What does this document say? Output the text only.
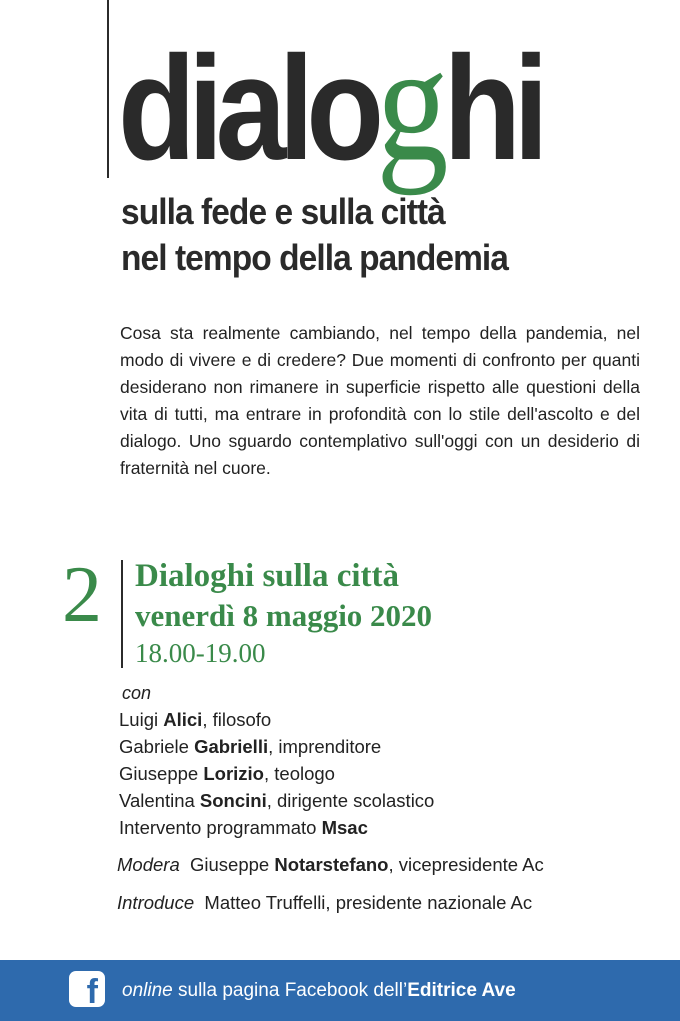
dialoghi
sulla fede e sulla città
nel tempo della pandemia

Cosa sta realmente cambiando, nel tempo della pandemia, nel modo di vivere e di credere? Due momenti di confronto per quanti desiderano non rimanere in superficie rispetto alle questioni della vita di tutti, ma entrare in profondità con lo stile dell'ascolto e del dialogo. Uno sguardo contemplativo sull'oggi con un desiderio di fraternità nel cuore.

2 Dialoghi sulla città
venerdì 8 maggio 2020
18.00-19.00
con
Luigi Alici, filosofo
Gabriele Gabrielli, imprenditore
Giuseppe Lorizio, teologo
Valentina Soncini, dirigente scolastico
Intervento programmato Msac
Modera Giuseppe Notarstefano, vicepresidente Ac
Introduce Matteo Truffelli, presidente nazionale Ac
f online sulla pagina Facebook dell’Editrice Ave
